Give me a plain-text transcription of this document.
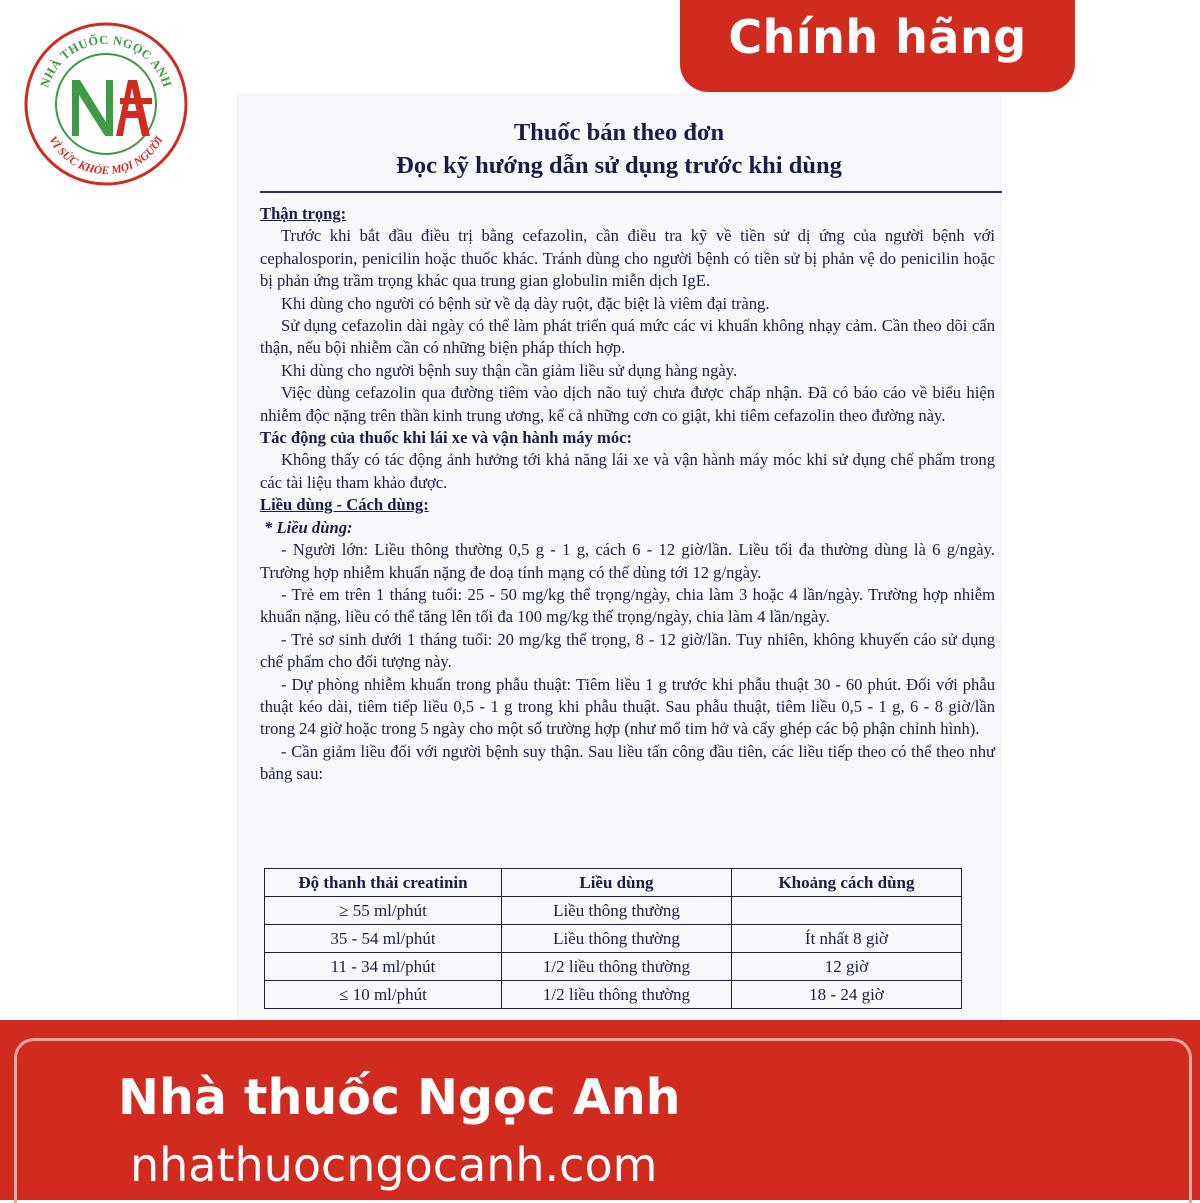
NHÀ THUỐC NGỌC ANH
VÌ SỨC KHỎE MỌI NGƯỜI
Chính hãng
Thuốc bán theo đơn
Đọc kỹ hướng dẫn sử dụng trước khi dùng

Thận trọng:

Trước khi bắt đầu điều trị bằng cefazolin, cần điều tra kỹ về tiền sử dị ứng của người bệnh với cephalosporin, penicilin hoặc thuốc khác. Tránh dùng cho người bệnh có tiền sử bị phản vệ do penicilin hoặc bị phản ứng trầm trọng khác qua trung gian globulin miễn dịch IgE.

Khi dùng cho người có bệnh sử về dạ dày ruột, đặc biệt là viêm đại tràng.

Sử dụng cefazolin dài ngày có thể làm phát triển quá mức các vi khuẩn không nhạy cảm. Cần theo dõi cẩn thận, nếu bội nhiễm cần có những biện pháp thích hợp.

Khi dùng cho người bệnh suy thận cần giảm liều sử dụng hàng ngày.

Việc dùng cefazolin qua đường tiêm vào dịch não tuỷ chưa được chấp nhận. Đã có báo cáo về biểu hiện nhiễm độc nặng trên thần kinh trung ương, kể cả những cơn co giật, khi tiêm cefazolin theo đường này.

Tác động của thuốc khi lái xe và vận hành máy móc:

Không thấy có tác động ảnh hưởng tới khả năng lái xe và vận hành máy móc khi sử dụng chế phẩm trong các tài liệu tham khảo được.

Liều dùng - Cách dùng:

* Liều dùng:

- Người lớn: Liều thông thường 0,5 g - 1 g, cách 6 - 12 giờ/lần. Liều tối đa thường dùng là 6 g/ngày. Trường hợp nhiễm khuẩn nặng đe doạ tính mạng có thể dùng tới 12 g/ngày.

- Trẻ em trên 1 tháng tuổi: 25 - 50 mg/kg thể trọng/ngày, chia làm 3 hoặc 4 lần/ngày. Trường hợp nhiễm khuẩn nặng, liều có thể tăng lên tối đa 100 mg/kg thể trọng/ngày, chia làm 4 lần/ngày.

- Trẻ sơ sinh dưới 1 tháng tuổi: 20 mg/kg thể trọng, 8 - 12 giờ/lần. Tuy nhiên, không khuyến cáo sử dụng chế phẩm cho đối tượng này.

- Dự phòng nhiễm khuẩn trong phẫu thuật: Tiêm liều 1 g trước khi phẫu thuật 30 - 60 phút. Đối với phẫu thuật kéo dài, tiêm tiếp liều 0,5 - 1 g trong khi phẫu thuật. Sau phẫu thuật, tiêm liều 0,5 - 1 g, 6 - 8 giờ/lần trong 24 giờ hoặc trong 5 ngày cho một số trường hợp (như mổ tim hở và cấy ghép các bộ phận chỉnh hình).

- Cần giảm liều đối với người bệnh suy thận. Sau liều tấn công đầu tiên, các liều tiếp theo có thể theo như bảng sau:

Độ thanh thải creatinin	Liều dùng	Khoảng cách dùng
≥ 55 ml/phút	Liều thông thường	
35 - 54 ml/phút	Liều thông thường	Ít nhất 8 giờ
11 - 34 ml/phút	1/2 liều thông thường	12 giờ
≤ 10 ml/phút	1/2 liều thông thường	18 - 24 giờ
Nhà thuốc Ngọc Anh
nhathuocngocanh.com
